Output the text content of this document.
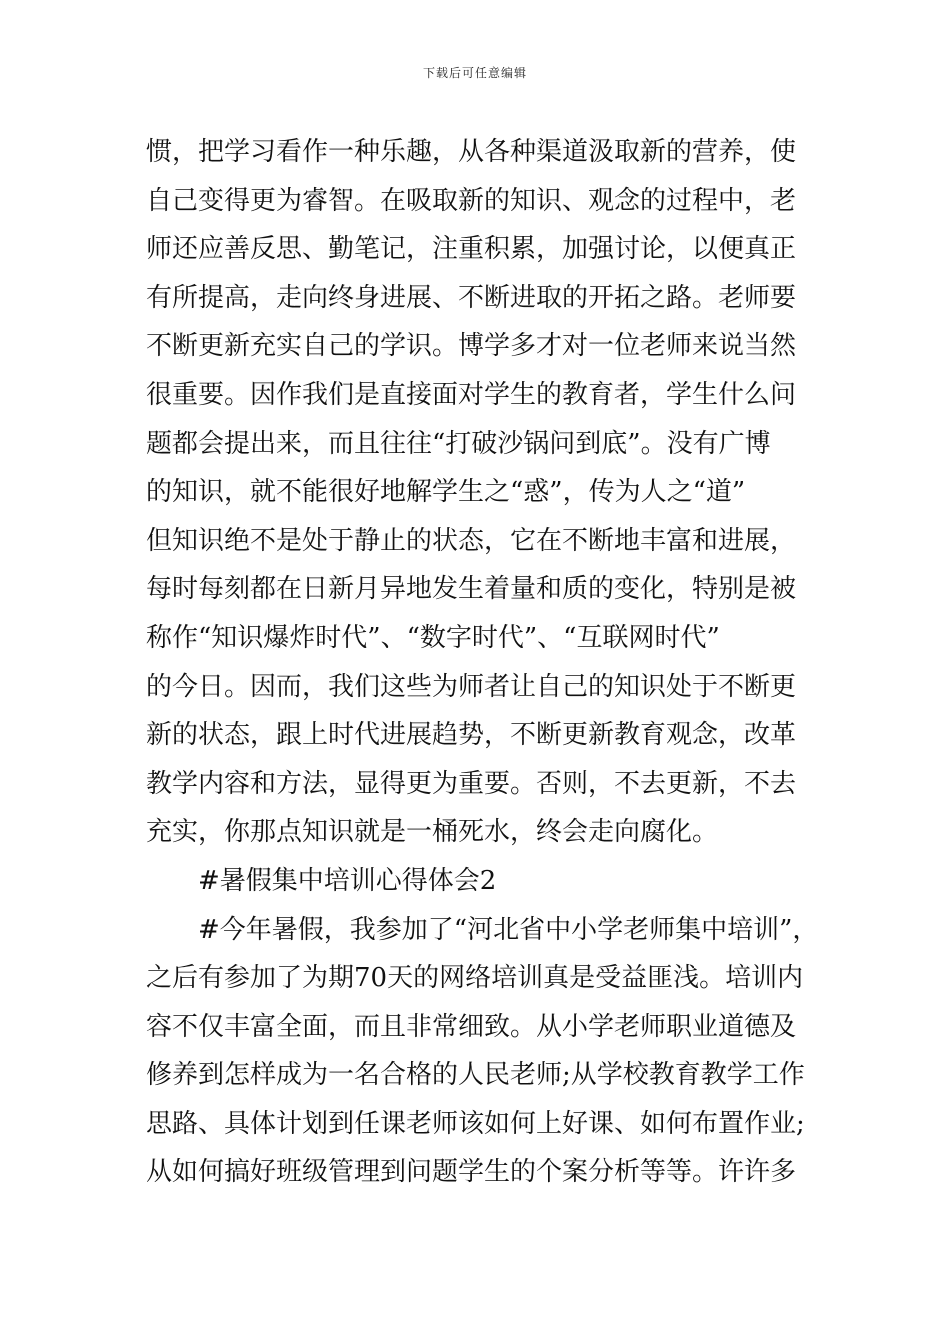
下载后可任意编辑
惯，把学习看作一种乐趣，从各种渠道汲取新的营养，使
自己变得更为睿智。在吸取新的知识、观念的过程中，老
师还应善反思、勤笔记，注重积累，加强讨论，以便真正
有所提高，走向终身进展、不断进取的开拓之路。老师要
不断更新充实自己的学识。博学多才对一位老师来说当然
很重要。因作我们是直接面对学生的教育者，学生什么问
题都会提出来，而且往往“打破沙锅问到底”。没有广博
的知识，就不能很好地解学生之“惑”，传为人之“道”
但知识绝不是处于静止的状态，它在不断地丰富和进展，
每时每刻都在日新月异地发生着量和质的变化，特别是被
称作“知识爆炸时代”、“数字时代”、“互联网时代”
的今日。因而，我们这些为师者让自己的知识处于不断更
新的状态，跟上时代进展趋势，不断更新教育观念，改革
教学内容和方法，显得更为重要。否则，不去更新，不去
充实，你那点知识就是一桶死水，终会走向腐化。
#暑假集中培训心得体会2
#今年暑假，我参加了“河北省中小学老师集中培训”，
之后有参加了为期70天的网络培训真是受益匪浅。培训内
容不仅丰富全面，而且非常细致。从小学老师职业道德及
修养到怎样成为一名合格的人民老师;从学校教育教学工作
思路、具体计划到任课老师该如何上好课、如何布置作业;
从如何搞好班级管理到问题学生的个案分析等等。许许多
